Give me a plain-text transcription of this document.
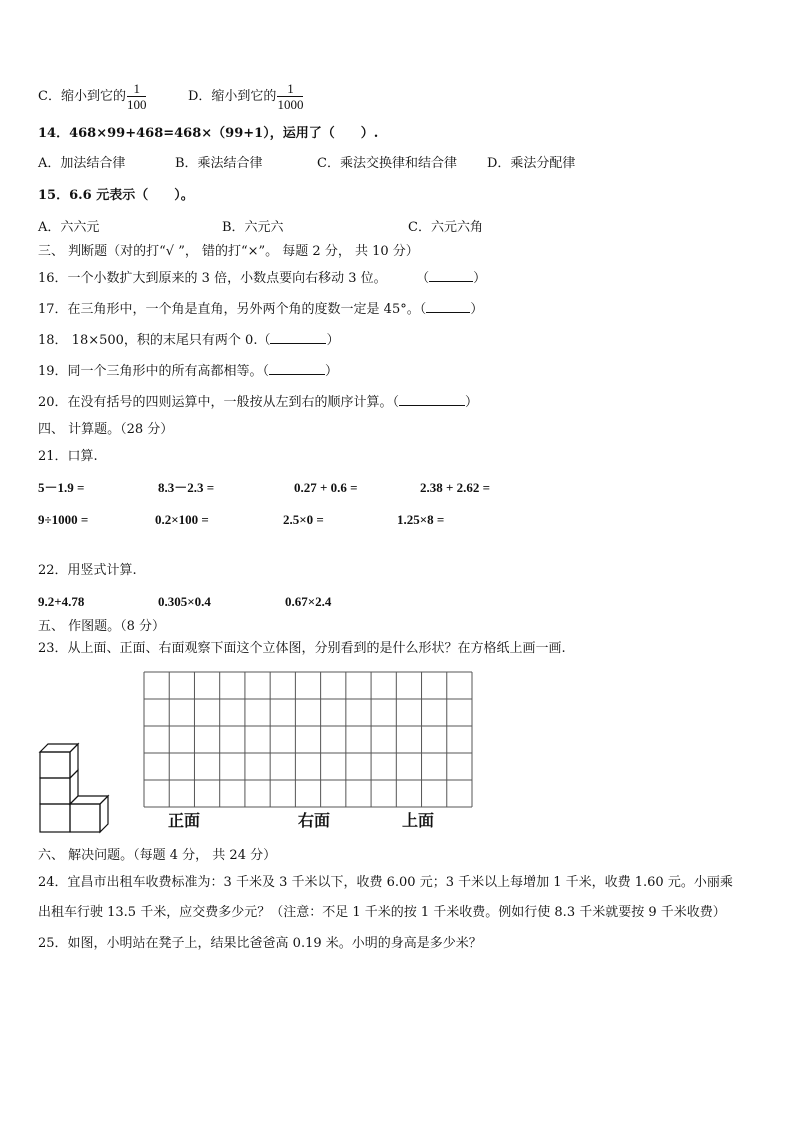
C．缩小到它的 $\frac{1}{100}$	D．缩小到它的 $\frac{1}{1000}$
14．468×99+468=468×（99+1），运用了（　　）.
A．加法结合律	B．乘法结合律	C．乘法交换律和结合律 D．乘法分配律
15．6.6 元表示（　　）。
A．六六元	B．六元六	C．六元六角
三、 判断题（对的打“√ ”， 错的打“×”。 每题 2 分， 共 10 分）
16．一个小数扩大到原来的 3 倍，小数点要向右移动 3 位。	（	）
17．在三角形中，一个角是直角，另外两个角的度数一定是 45°。（	）
18． 18×500，积的末尾只有两个 0.（	）
19．同一个三角形中的所有高都相等。（	）
20．在没有括号的四则运算中，一般按从左到右的顺序计算。（	）
四、 计算题。（28 分）
21．口算.
5－1.9 =	8.3－2.3 =	0.27 + 0.6 =	2.38 + 2.62 =
9÷1000 =	0.2×100 =	2.5×0 =	1.25×8 =
22．用竖式计算.
9.2+4.78	0.305×0.4	0.67×2.4
五、 作图题。（8 分）
23．从上面、正面、右面观察下面这个立体图，分别看到的是什么形状？在方格纸上画一画.
正面	右面	上面
六、 解决问题。（每题 4 分， 共 24 分）
24．宜昌市出租车收费标准为：3 千米及 3 千米以下，收费 6.00 元；3 千米以上每增加 1 千米，收费 1.60 元。小丽乘
出租车行驶 13.5 千米，应交费多少元？（注意：不足 1 千米的按 1 千米收费。例如行使 8.3 千米就要按 9 千米收费）
25．如图，小明站在凳子上，结果比爸爸高 0.19 米。小明的身高是多少米？
